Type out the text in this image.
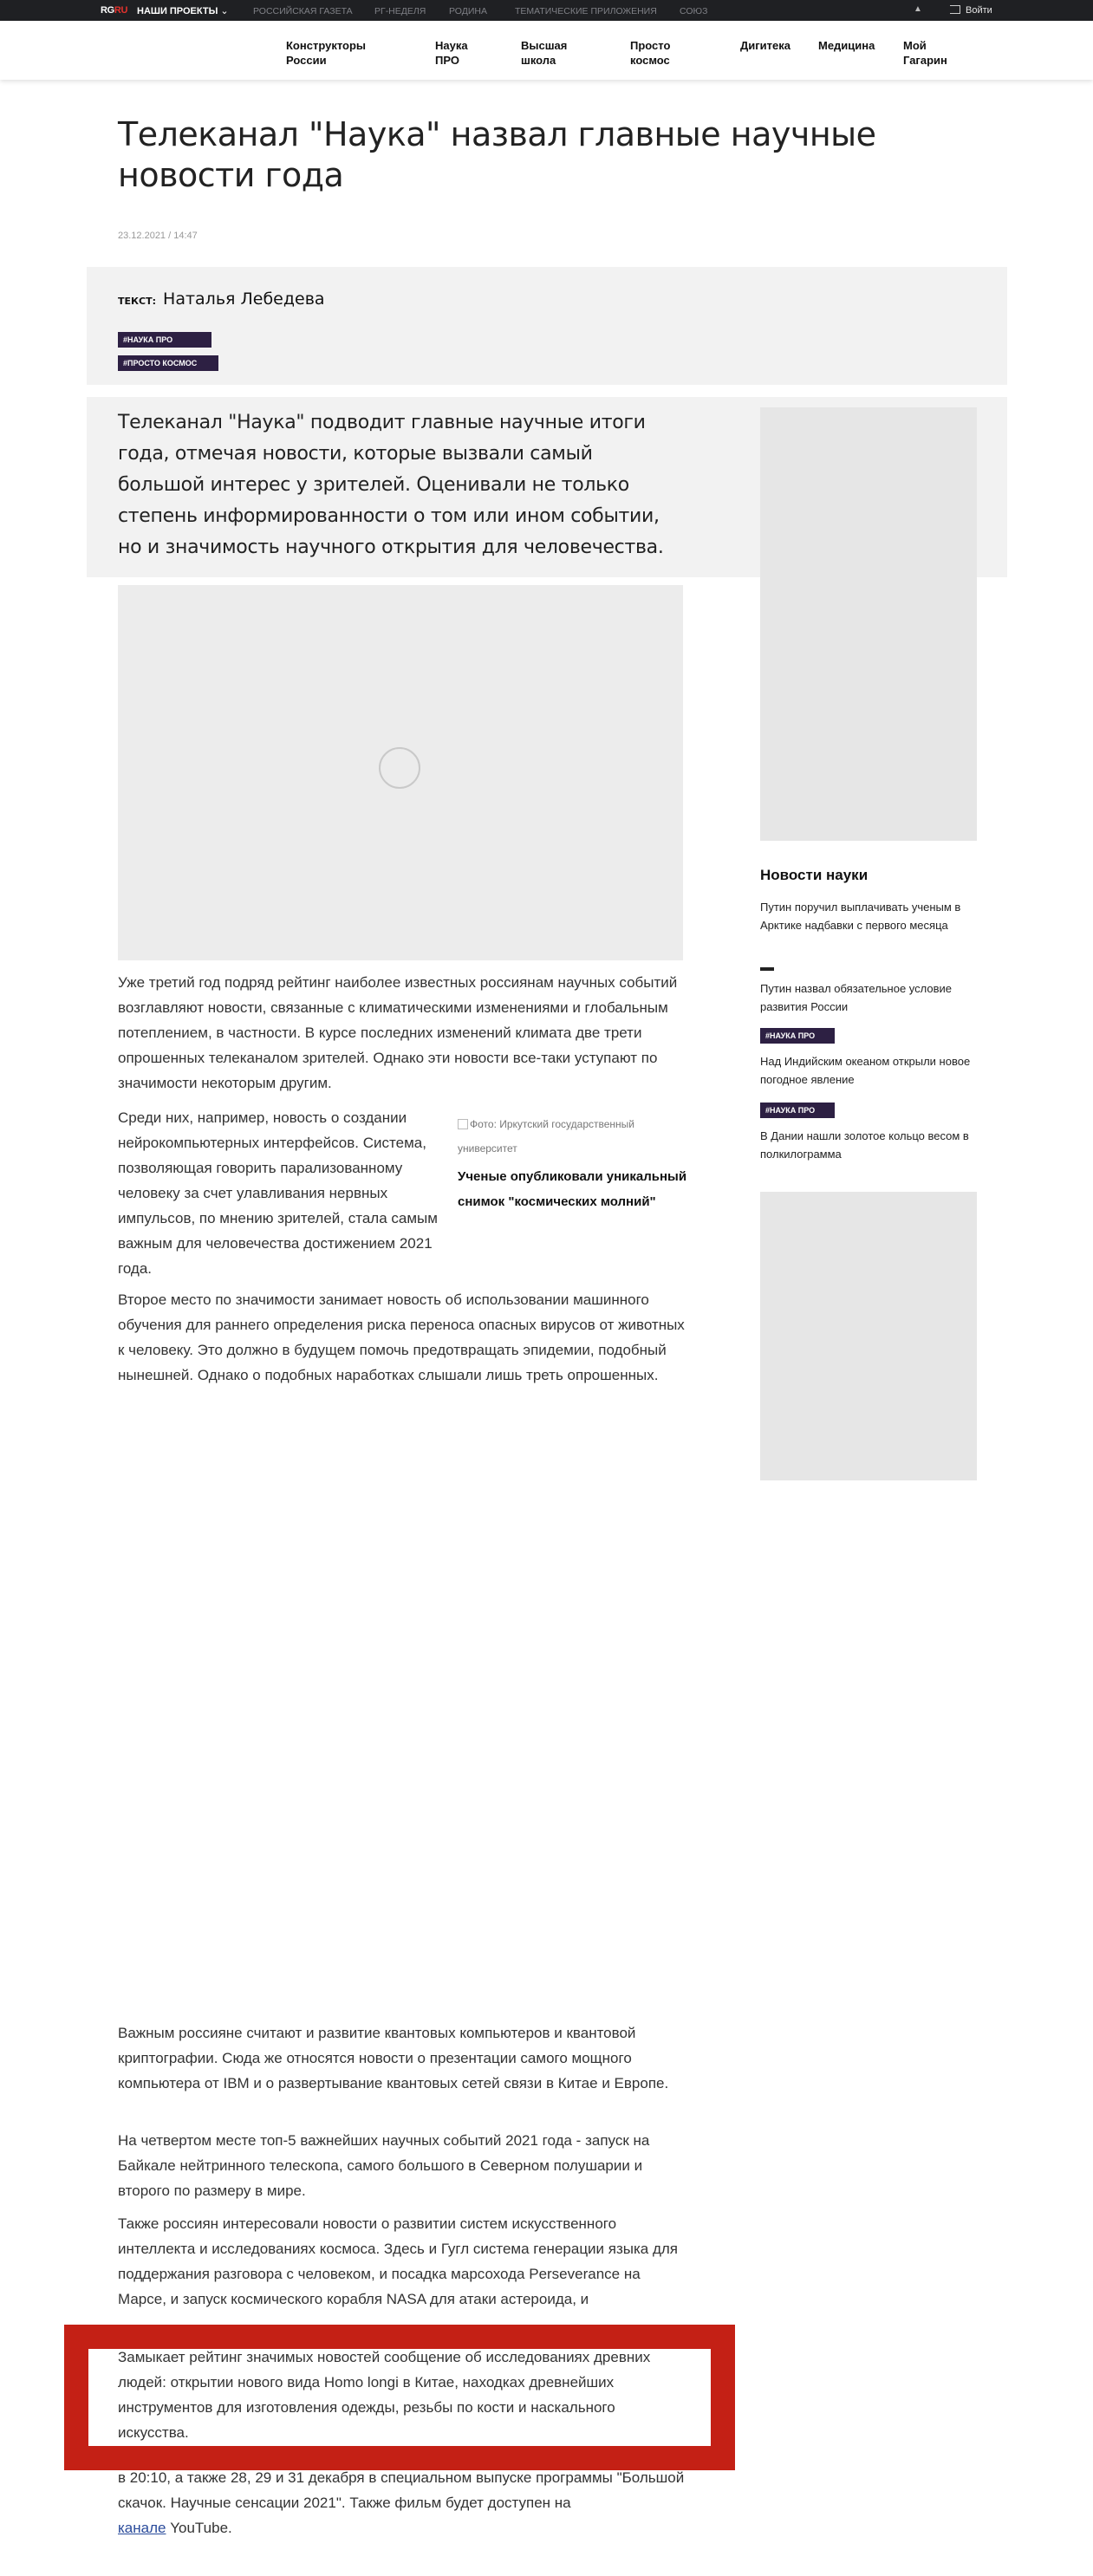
RGRU НАШИ ПРОЕКТЫ ⌄	РОССИЙСКАЯ ГАЗЕТА РГ-НЕДЕЛЯ	РОДИНА	ТЕМАТИЧЕСКИЕ ПРИЛОЖЕНИЯ СОЮЗ	▲	Войти
Конструкторы
России
Наука
ПРО
Высшая
школа
Просто
космос
Дигитека Медицина	Мой
Гагарин
Телеканал "Наука" назвал главные научные новости года
23.12.2021 / 14:47
ТЕКСТ: Наталья Лебедева
#НАУКА ПРО
#ПРОСТО КОСМОС

Телеканал "Наука" подводит главные научные итоги года, отмечая новости, которые вызвали самый большой интерес у зрителей. Оценивали не только степень информированности о том или ином событии, но и значимость научного открытия для человечества.

Новости науки
Путин поручил выплачивать ученым в Арктике надбавки с первого месяца
Путин назвал обязательное условие развития России
#НАУКА ПРО
Над Индийским океаном открыли новое погодное явление
#НАУКА ПРО
В Дании нашли золотое кольцо весом в полкилограмма

Уже третий год подряд рейтинг наиболее известных россиянам научных событий возглавляют новости, связанные с климатическими изменениями и глобальным потеплением, в частности. В курсе последних изменений климата две трети опрошенных телеканалом зрителей. Однако эти новости все-таки уступают по значимости некоторым другим.

Среди них, например, новость о создании нейрокомпьютерных интерфейсов. Система, позволяющая говорить парализованному человеку за счет улавливания нервных импульсов, по мнению зрителей, стала самым важным для человечества достижением 2021 года.

Фото: Иркутский государственный университет
Ученые опубликовали уникальный снимок "космических молний"

Второе место по значимости занимает новость об использовании машинного обучения для раннего определения риска переноса опасных вирусов от животных к человеку. Это должно в будущем помочь предотвращать эпидемии, подобный нынешней. Однако о подобных наработках слышали лишь треть опрошенных.

Важным россияне считают и развитие квантовых компьютеров и квантовой криптографии. Сюда же относятся новости о презентации самого мощного компьютера от IBM и о развертывание квантовых сетей связи в Китае и Европе.

На четвертом месте топ-5 важнейших научных событий 2021 года - запуск на Байкале нейтринного телескопа, самого большого в Северном полушарии и второго по размеру в мире.

Также россиян интересовали новости о развитии систем искусственного интеллекта и исследованиях космоса. Здесь и Гугл система генерации языка для поддержания разговора с человеком, и посадка марсохода Perseverance на Марсе, и запуск космического корабля NASA для атаки астероида, и

Замыкает рейтинг значимых новостей сообщение об исследованиях древних людей: открытии нового вида Homo longi в Китае, находках древнейших инструментов для изготовления одежды, резьбы по кости и наскального искусства.

Смотрите подведение научных итогов года на телеканале "Наука" 27 декабря

в 20:10, а также 28, 29 и 31 декабря в специальном выпуске программы "Большой скачок. Научные сенсации 2021". Также фильм будет доступен на
канале YouTube.
